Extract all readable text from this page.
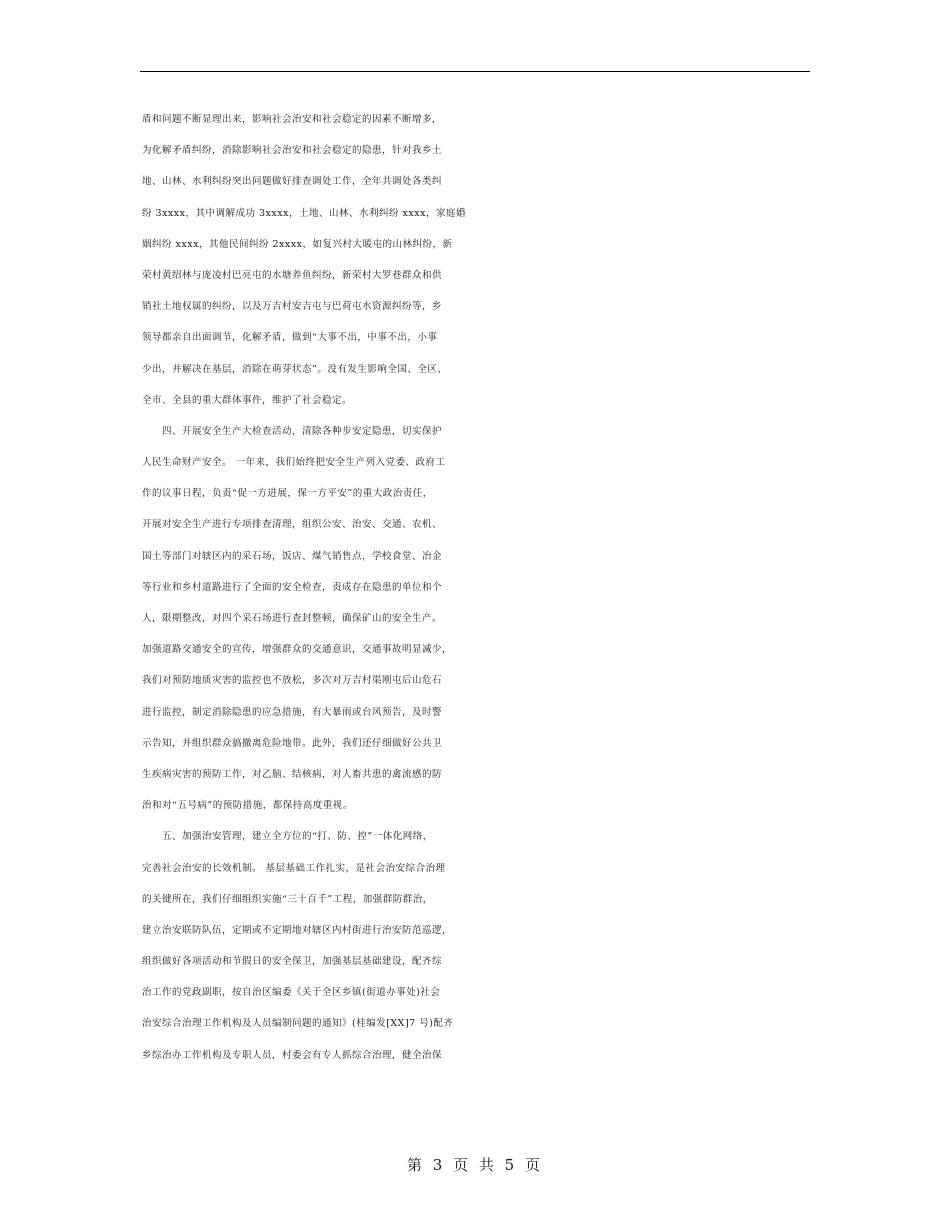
盾和问题不断显理出来，影响社会治安和社会稳定的因素不断增多，
为化解矛盾纠纷，消除影响社会治安和社会稳定的隐患，针对我乡土
地、山林、水利纠纷突出问题做好排查调处工作，全年共调处各类纠
纷 3xxxx，其中调解成功 3xxxx，土地、山林、水利纠纷 xxxx，家庭婚
姻纠纷 xxxx，其他民间纠纷 2xxxx，如复兴村大暖屯的山林纠纷，新
荣村黄绍林与庞凌村巴亮屯的水塘养鱼纠纷，新荣村大罗巷群众和供
销社土地权属的纠纷，以及万吉村安吉屯与巴荷屯水资源纠纷等，乡
领导都亲自出面调节，化解矛盾，做到“大事不出，中事不出，小事
少出，并解决在基层，消除在萌芽状态”。没有发生影响全国、全区、
全市、全县的重大群体事件，维护了社会稳定。
　　四、开展安全生产大检查活动，清除各种步安定隐患，切实保护
人民生命财产安全。 一年来，我们始终把安全生产列入党委、政府工
作的议事日程，负责“促一方进展，保一方平安”的重大政治责任，
开展对安全生产进行专项排查清理，组织公安、治安、交通、农机、
国土等部门对辖区内的采石场，饭店、煤气销售点，学校食堂、冶金
等行业和乡村道路进行了全面的安全检查，责成存在隐患的单位和个
人，限期整改，对四个采石场进行查封整顿，确保矿山的安全生产。
加强道路交通安全的宣传，增强群众的交通意识，交通事故明显减少，
我们对预防地质灾害的监控也不放松，多次对万吉村渠刚屯后山危石
进行监控，制定消除隐患的应急措施，有大暴雨或台风预告，及时警
示告知，并组织群众搞撤离危险地带。此外，我们还仔细做好公共卫
生疾病灾害的预防工作，对乙脑、结核病，对人畜共患的禽流感的防
治和对“五号病”的预防措施，都保持高度重视。
　　五、加强治安管理，建立全方位的“打、防、控”一体化网络，
完善社会治安的长效机制。 基层基础工作扎实，是社会治安综合治理
的关键所在，我们仔细组织实施“三十百千”工程，加强群防群治，
建立治安联防队伍，定期或不定期地对辖区内村街进行治安防范巡逻，
组织做好各项活动和节假日的安全保卫，加强基层基础建设，配齐综
治工作的党政副职，按自治区编委《关于全区乡镇(街道办事处)社会
治安综合治理工作机构及人员编制问题的通知》(桂编发[XX]7 号)配齐
乡综治办工作机构及专职人员，村委会有专人抓综合治理，健全治保
第 3 页 共 5 页
